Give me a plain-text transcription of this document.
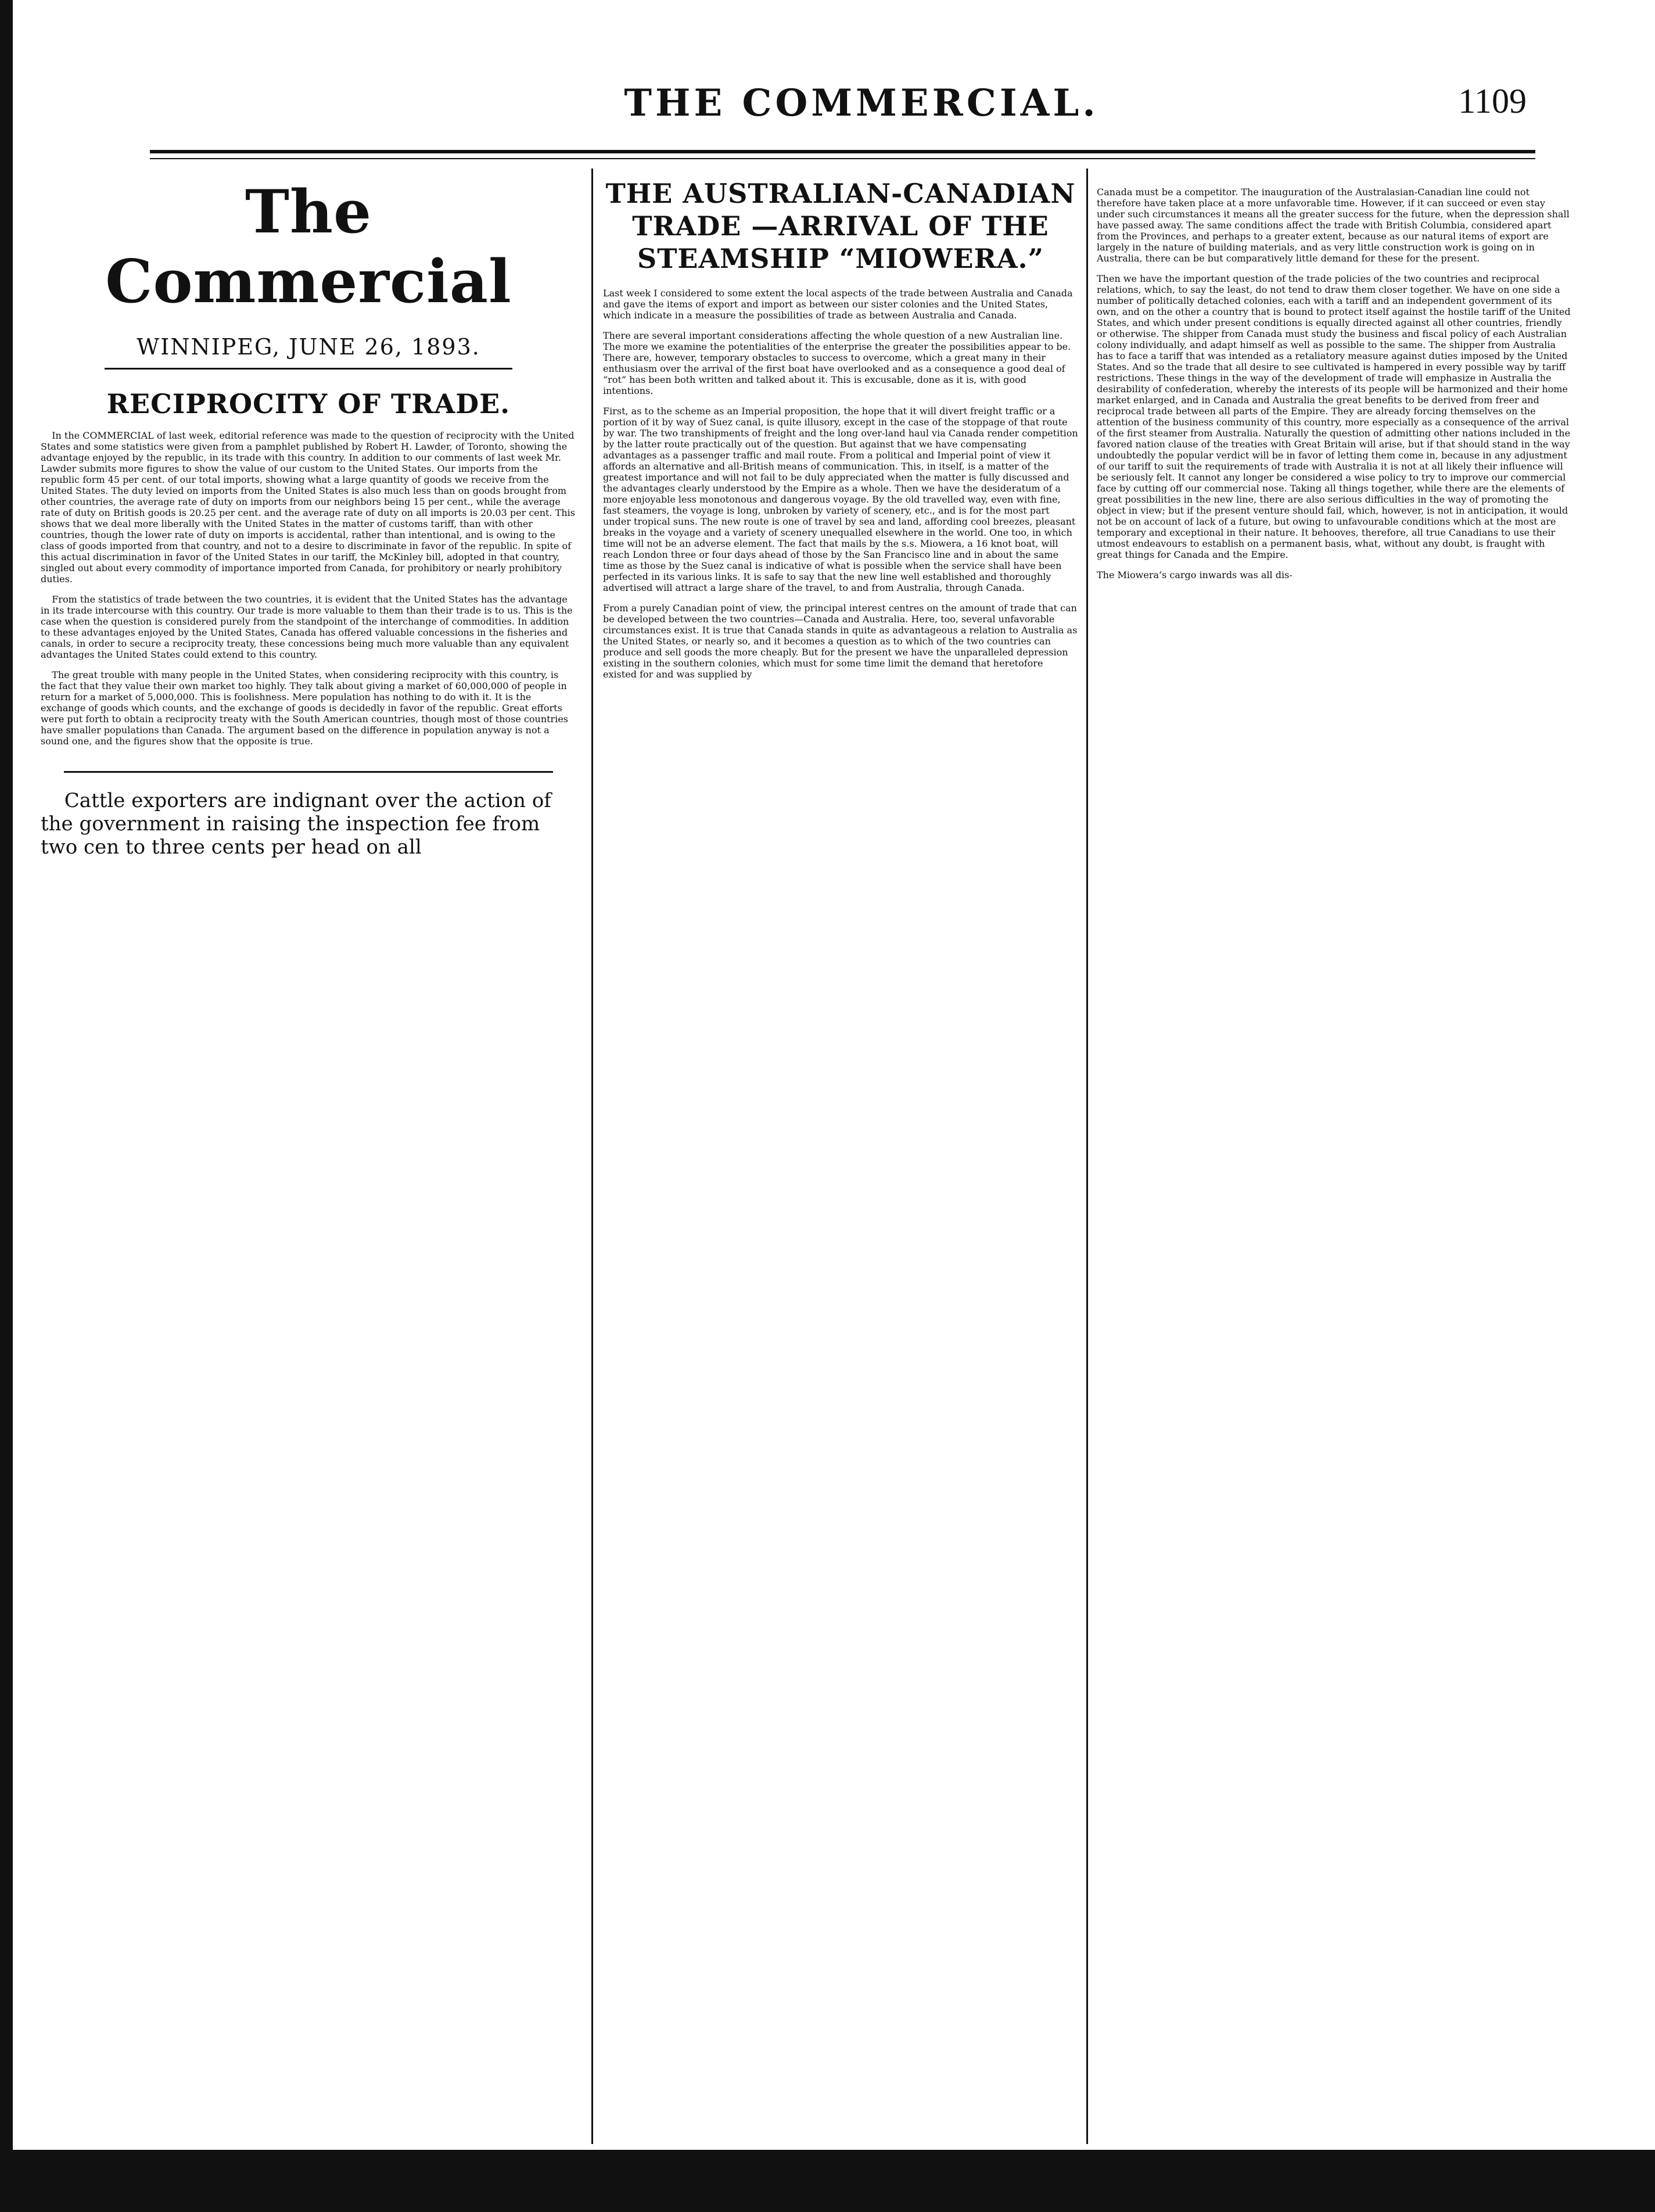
THE COMMERCIAL.	1109
The Commercial
WINNIPEG, JUNE 26, 1893.
RECIPROCITY OF TRADE.

In the COMMERCIAL of last week, editorial reference was made to the question of reciprocity with the United States and some statistics were given from a pamphlet published by Robert H. Lawder, of Toronto, showing the advantage enjoyed by the republic, in its trade with this country. In addition to our comments of last week Mr. Lawder submits more figures to show the value of our custom to the United States. Our imports from the republic form 45 per cent. of our total imports, showing what a large quantity of goods we receive from the United States. The duty levied on imports from the United States is also much less than on goods brought from other countries, the average rate of duty on imports from our neighbors being 15 per cent., while the average rate of duty on British goods is 20.25 per cent. and the average rate of duty on all imports is 20.03 per cent. This shows that we deal more liberally with the United States in the matter of customs tariff, than with other countries, though the lower rate of duty on imports is accidental, rather than intentional, and is owing to the class of goods imported from that country, and not to a desire to discriminate in favor of the republic. In spite of this actual discrimination in favor of the United States in our tariff, the McKinley bill, adopted in that country, singled out about every commodity of importance imported from Canada, for prohibitory or nearly prohibitory duties.

From the statistics of trade between the two countries, it is evident that the United States has the advantage in its trade intercourse with this country. Our trade is more valuable to them than their trade is to us. This is the case when the question is considered purely from the standpoint of the interchange of commodities. In addition to these advantages enjoyed by the United States, Canada has offered valuable concessions in the fisheries and canals, in order to secure a reciprocity treaty, these concessions being much more valuable than any equivalent advantages the United States could extend to this country.

The great trouble with many people in the United States, when considering reciprocity with this country, is the fact that they value their own market too highly. They talk about giving a market of 60,000,000 of people in return for a market of 5,000,000. This is foolishness. Mere population has nothing to do with it. It is the exchange of goods which counts, and the exchange of goods is decidedly in favor of the republic. Great efforts were put forth to obtain a reciprocity treaty with the South American countries, though most of those countries have smaller populations than Canada. The argument based on the difference in population anyway is not a sound one, and the figures show that the opposite is true.

Cattle exporters are indignant over the action of the government in raising the inspection fee from two cen to three cents per head on all

THE AUSTRALIAN-CANADIAN TRADE —ARRIVAL OF THE STEAMSHIP “MIOWERA.”

Last week I considered to some extent the local aspects of the trade between Australia and Canada and gave the items of export and import as between our sister colonies and the United States, which indicate in a measure the possibilities of trade as between Australia and Canada.

There are several important considerations affecting the whole question of a new Australian line. The more we examine the potentialities of the enterprise the greater the possibilities appear to be. There are, however, temporary obstacles to success to overcome, which a great many in their enthusiasm over the arrival of the first boat have overlooked and as a consequence a good deal of “rot” has been both written and talked about it. This is excusable, done as it is, with good intentions.

First, as to the scheme as an Imperial proposition, the hope that it will divert freight traffic or a portion of it by way of Suez canal, is quite illusory, except in the case of the stoppage of that route by war. The two transhipments of freight and the long over-land haul via Canada render competition by the latter route practically out of the question. But against that we have compensating advantages as a passenger traffic and mail route. From a political and Imperial point of view it affords an alternative and all-British means of communication. This, in itself, is a matter of the greatest importance and will not fail to be duly appreciated when the matter is fully discussed and the advantages clearly understood by the Empire as a whole. Then we have the desideratum of a more enjoyable less monotonous and dangerous voyage. By the old travelled way, even with fine, fast steamers, the voyage is long, unbroken by variety of scenery, etc., and is for the most part under tropical suns. The new route is one of travel by sea and land, affording cool breezes, pleasant breaks in the voyage and a variety of scenery unequalled elsewhere in the world. One too, in which time will not be an adverse element. The fact that mails by the s.s. Miowera, a 16 knot boat, will reach London three or four days ahead of those by the San Francisco line and in about the same time as those by the Suez canal is indicative of what is possible when the service shall have been perfected in its various links. It is safe to say that the new line well established and thoroughly advertised will attract a large share of the travel, to and from Australia, through Canada.

From a purely Canadian point of view, the principal interest centres on the amount of trade that can be developed between the two countries—Canada and Australia. Here, too, several unfavorable circumstances exist. It is true that Canada stands in quite as advantageous a relation to Australia as the United States, or nearly so, and it becomes a question as to which of the two countries can produce and sell goods the more cheaply. But for the present we have the unparalleled depression existing in the southern colonies, which must for some time limit the demand that heretofore existed for and was supplied by

Canada must be a competitor. The inauguration of the Australasian-Canadian line could not therefore have taken place at a more unfavorable time. However, if it can succeed or even stay under such circumstances it means all the greater success for the future, when the depression shall have passed away. The same conditions affect the trade with British Columbia, considered apart from the Provinces, and perhaps to a greater extent, because as our natural items of export are largely in the nature of building materials, and as very little construction work is going on in Australia, there can be but comparatively little demand for these for the present.

Then we have the important question of the trade policies of the two countries and reciprocal relations, which, to say the least, do not tend to draw them closer together. We have on one side a number of politically detached colonies, each with a tariff and an independent government of its own, and on the other a country that is bound to protect itself against the hostile tariff of the United States, and which under present conditions is equally directed against all other countries, friendly or otherwise. The shipper from Canada must study the business and fiscal policy of each Australian colony individually, and adapt himself as well as possible to the same. The shipper from Australia has to face a tariff that was intended as a retaliatory measure against duties imposed by the United States. And so the trade that all desire to see cultivated is hampered in every possible way by tariff restrictions. These things in the way of the development of trade will emphasize in Australia the desirability of confederation, whereby the interests of its people will be harmonized and their home market enlarged, and in Canada and Australia the great benefits to be derived from freer and reciprocal trade between all parts of the Empire. They are already forcing themselves on the attention of the business community of this country, more especially as a consequence of the arrival of the first steamer from Australia. Naturally the question of admitting other nations included in the favored nation clause of the treaties with Great Britain will arise, but if that should stand in the way undoubtedly the popular verdict will be in favor of letting them come in, because in any adjustment of our tariff to suit the requirements of trade with Australia it is not at all likely their influence will be seriously felt. It cannot any longer be considered a wise policy to try to improve our commercial face by cutting off our commercial nose. Taking all things together, while there are the elements of great possibilities in the new line, there are also serious difficulties in the way of promoting the object in view; but if the present venture should fail, which, however, is not in anticipation, it would not be on account of lack of a future, but owing to unfavourable conditions which at the most are temporary and exceptional in their nature. It behooves, therefore, all true Canadians to use their utmost endeavours to establish on a permanent basis, what, without any doubt, is fraught with great things for Canada and the Empire.

The Miowera’s cargo inwards was all dis-
